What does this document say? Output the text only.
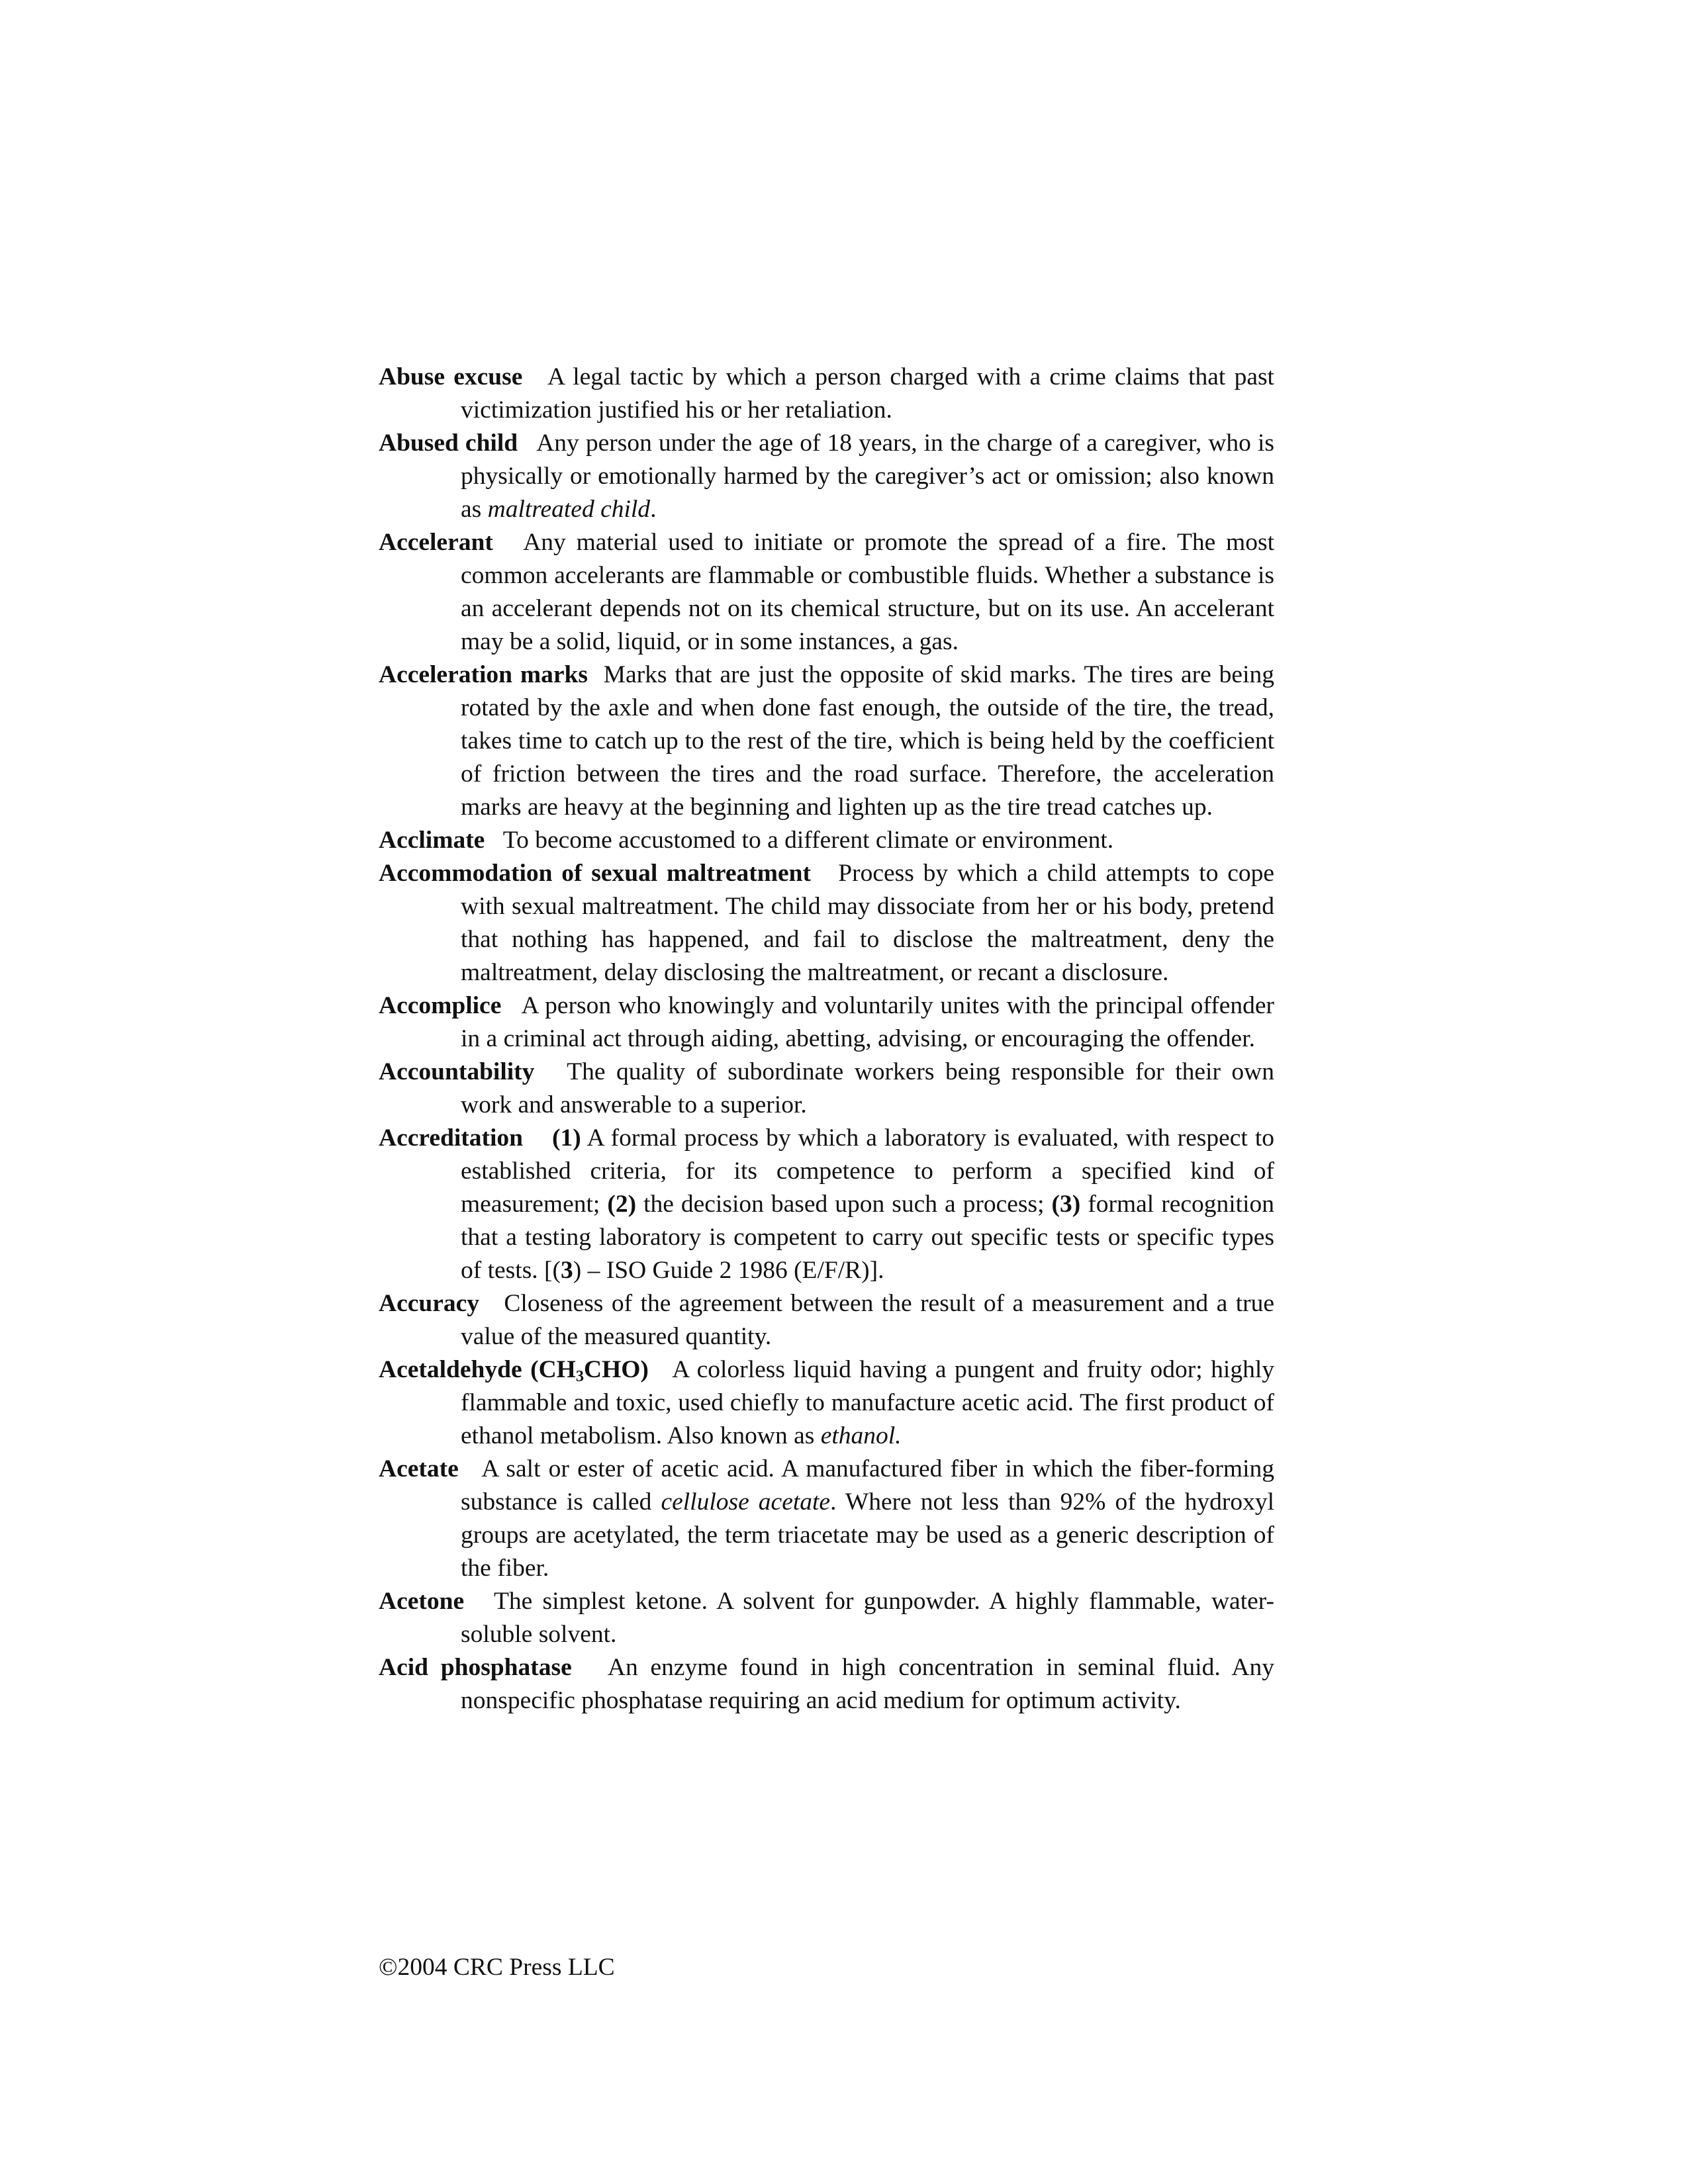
Abuse excuse A legal tactic by which a person charged with a crime claims that past victimization justified his or her retaliation.

Abused child Any person under the age of 18 years, in the charge of a caregiver, who is physically or emotionally harmed by the caregiver’s act or omission; also known as maltreated child.

Accelerant Any material used to initiate or promote the spread of a fire. The most common accelerants are flammable or combustible fluids. Whether a substance is an accelerant depends not on its chemical structure, but on its use. An accelerant may be a solid, liquid, or in some instances, a gas.

Acceleration marks Marks that are just the opposite of skid marks. The tires are being rotated by the axle and when done fast enough, the outside of the tire, the tread, takes time to catch up to the rest of the tire, which is being held by the coefficient of friction between the tires and the road surface. Therefore, the acceleration marks are heavy at the beginning and lighten up as the tire tread catches up.

Acclimate To become accustomed to a different climate or environment.

Accommodation of sexual maltreatment Process by which a child attempts to cope with sexual maltreatment. The child may dissociate from her or his body, pretend that nothing has happened, and fail to disclose the maltreatment, deny the maltreatment, delay disclosing the maltreatment, or recant a disclosure.

Accomplice A person who knowingly and voluntarily unites with the principal offender in a criminal act through aiding, abetting, advising, or encouraging the offender.

Accountability The quality of subordinate workers being responsible for their own work and answerable to a superior.

Accreditation (1) A formal process by which a laboratory is evaluated, with respect to established criteria, for its competence to perform a specified kind of measurement; (2) the decision based upon such a process; (3) formal recognition that a testing laboratory is competent to carry out specific tests or specific types of tests. [(3) – ISO Guide 2 1986 (E/F/R)].

Accuracy Closeness of the agreement between the result of a measurement and a true value of the measured quantity.

Acetaldehyde $(CH_3CHO)$ A colorless liquid having a pungent and fruity odor; highly flammable and toxic, used chiefly to manufacture acetic acid. The first product of ethanol metabolism. Also known as ethanol.

Acetate A salt or ester of acetic acid. A manufactured fiber in which the fiber-forming substance is called cellulose acetate. Where not less than 92% of the hydroxyl groups are acetylated, the term triacetate may be used as a generic description of the fiber.

Acetone The simplest ketone. A solvent for gunpowder. A highly flammable, water-soluble solvent.

Acid phosphatase An enzyme found in high concentration in seminal fluid. Any nonspecific phosphatase requiring an acid medium for optimum activity.

©2004 CRC Press LLC
